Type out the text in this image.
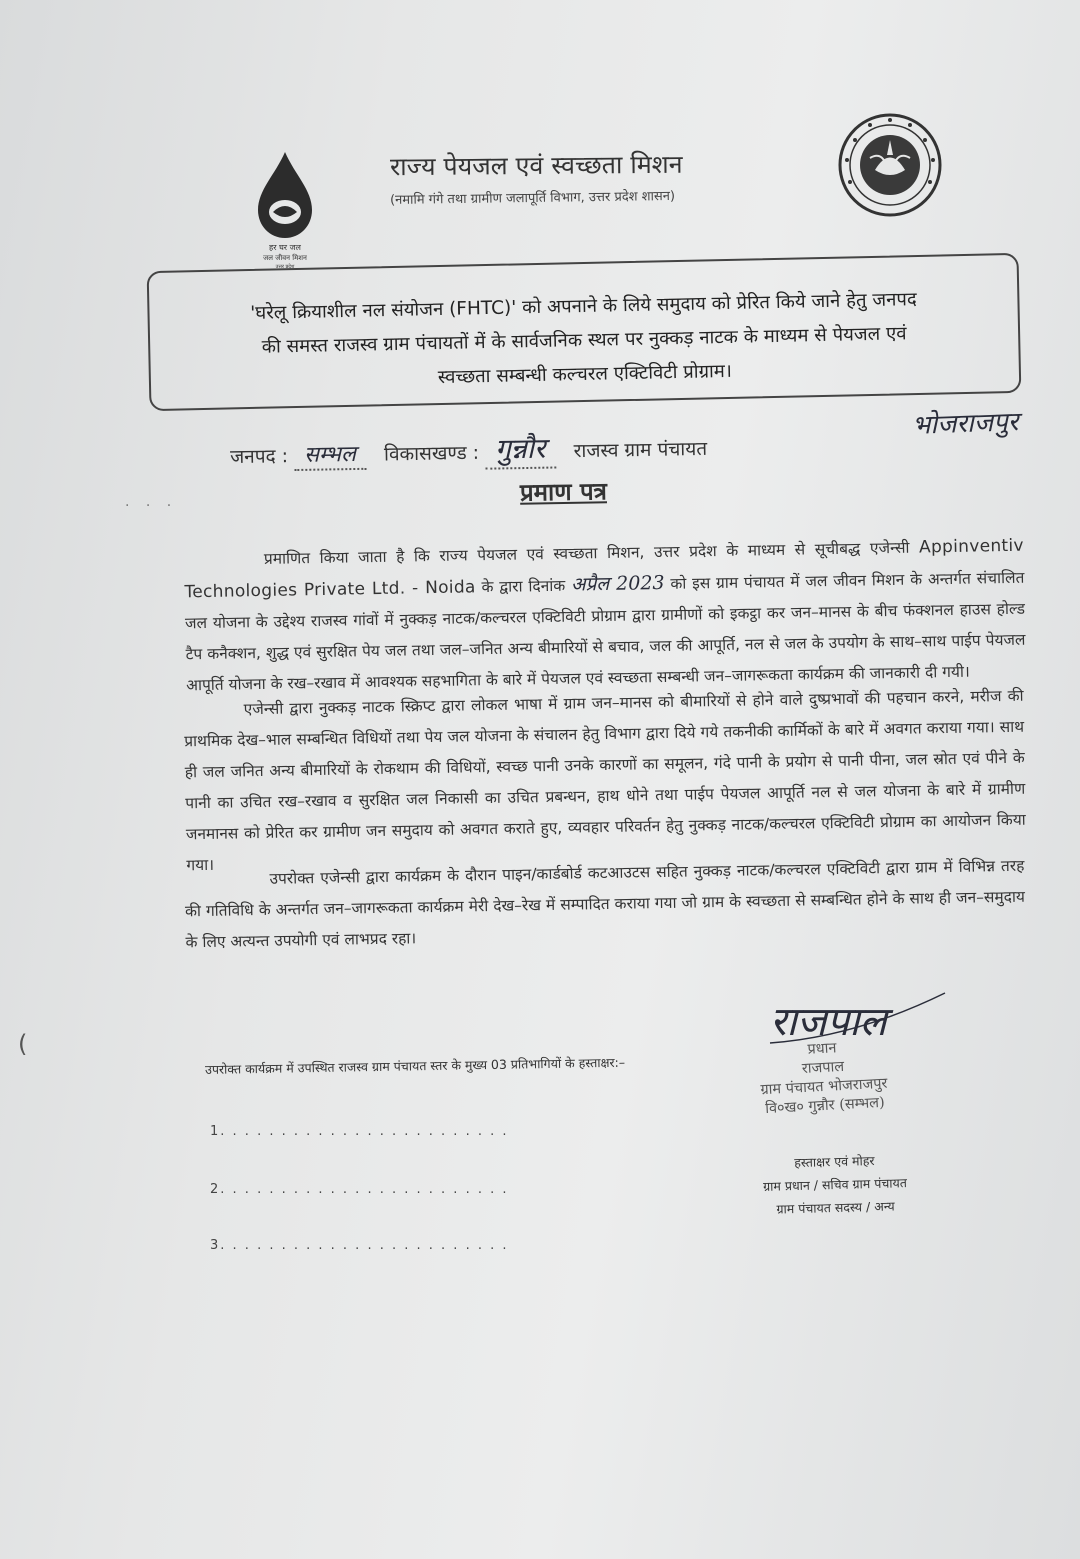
हर घर जल
जल जीवन मिशन
उत्तर प्रदेश
राज्य पेयजल एवं स्वच्छता मिशन
(नमामि गंगे तथा ग्रामीण जलापूर्ति विभाग, उत्तर प्रदेश शासन)
'घरेलू क्रियाशील नल संयोजन (FHTC)' को अपनाने के लिये समुदाय को प्रेरित किये जाने हेतु जनपद
की समस्त राजस्व ग्राम पंचायतों में के सार्वजनिक स्थल पर नुक्कड़ नाटक के माध्यम से पेयजल एवं
स्वच्छता सम्बन्धी कल्चरल एक्टिविटी प्रोग्राम।
जनपद : सम्भल विकासखण्ड : गुन्नौर राजस्व ग्राम पंचायत
भोजराजपुर
· · ·	प्रमाण पत्र
प्रमाणित किया जाता है कि राज्य पेयजल एवं स्वच्छता मिशन, उत्तर प्रदेश के माध्यम से सूचीबद्ध एजेन्सी Appinventiv Technologies Private Ltd. - Noida के द्वारा दिनांक अप्रैल 2023 को इस ग्राम पंचायत में जल जीवन मिशन के अन्तर्गत संचालित जल योजना के उद्देश्य राजस्व गांवों में नुक्कड़ नाटक/कल्चरल एक्टिविटी प्रोग्राम द्वारा ग्रामीणों को इकट्ठा कर जन–मानस के बीच फंक्शनल हाउस होल्ड टैप कनैक्शन, शुद्ध एवं सुरक्षित पेय जल तथा जल–जनित अन्य बीमारियों से बचाव, जल की आपूर्ति, नल से जल के उपयोग के साथ–साथ पाईप पेयजल आपूर्ति योजना के रख–रखाव में आवश्यक सहभागिता के बारे में पेयजल एवं स्वच्छता सम्बन्धी जन–जागरूकता कार्यक्रम की जानकारी दी गयी।
एजेन्सी द्वारा नुक्कड़ नाटक स्क्रिप्ट द्वारा लोकल भाषा में ग्राम जन–मानस को बीमारियों से होने वाले दुष्प्रभावों की पहचान करने, मरीज की प्राथमिक देख–भाल सम्बन्धित विधियों तथा पेय जल योजना के संचालन हेतु विभाग द्वारा दिये गये तकनीकी कार्मिकों के बारे में अवगत कराया गया। साथ ही जल जनित अन्य बीमारियों के रोकथाम की विधियों, स्वच्छ पानी उनके कारणों का समूलन, गंदे पानी के प्रयोग से पानी पीना, जल स्रोत एवं पीने के पानी का उचित रख–रखाव व सुरक्षित जल निकासी का उचित प्रबन्धन, हाथ धोने तथा पाईप पेयजल आपूर्ति नल से जल योजना के बारे में ग्रामीण जनमानस को प्रेरित कर ग्रामीण जन समुदाय को अवगत कराते हुए, व्यवहार परिवर्तन हेतु नुक्कड़ नाटक/कल्चरल एक्टिविटी प्रोग्राम का आयोजन किया गया।	उपरोक्त एजेन्सी द्वारा कार्यक्रम के दौरान पाइन/कार्डबोर्ड कटआउटस सहित नुक्कड़ नाटक/कल्चरल एक्टिविटी द्वारा ग्राम में विभिन्न तरह की गतिविधि के अन्तर्गत जन–जागरूकता कार्यक्रम मेरी देख–रेख में सम्पादित कराया गया जो ग्राम के स्वच्छता से सम्बन्धित होने के साथ ही जन–समुदाय के लिए अत्यन्त उपयोगी एवं लाभप्रद रहा।
राजपाल
प्रधान
राजपाल
ग्राम पंचायत भोजराजपुर
वि०ख० गुन्नौर (सम्भल)
उपरोक्त कार्यक्रम में उपस्थित राजस्व ग्राम पंचायत स्तर के मुख्य 03 प्रतिभागियों के हस्ताक्षर:–
1. . . . . . . . . . . . . . . . . . . . . . . .
2. . . . . . . . . . . . . . . . . . . . . . . .
3. . . . . . . . . . . . . . . . . . . . . . . .
हस्ताक्षर एवं मोहर
ग्राम प्रधान / सचिव ग्राम पंचायत
ग्राम पंचायत सदस्य / अन्य
(
